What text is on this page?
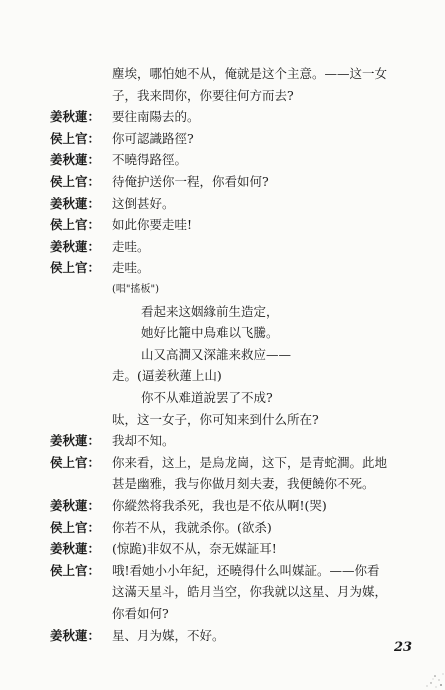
塵埃，哪怕她不从，俺就是这个主意。——这一女
子，我来問你，你要往何方而去?
姜秋蓮： 要往南陽去的。
侯上官： 你可認識路徑?
姜秋蓮： 不曉得路徑。
侯上官： 待俺护送你一程，你看如何?
姜秋蓮： 这倒甚好。
侯上官： 如此你要走哇!
姜秋蓮： 走哇。
侯上官： 走哇。
(唱"搖板")
看起来这姻緣前生造定，
她好比籠中鳥难以飞騰。
山又高澗又深誰来救应——
走。(逼姜秋蓮上山)
你不从难道說罢了不成?
呔，这一女子，你可知来到什么所在?
姜秋蓮： 我却不知。
侯上官： 你来看，这上，是烏龙崗，这下，是青蛇澗。此地
甚是幽雅，我与你做月刻夫妻，我便饒你不死。
姜秋蓮： 你縱然将我杀死，我也是不依从啊!(哭)
侯上官： 你若不从，我就杀你。(欲杀)
姜秋蓮： (惊跪)非奴不从，奈无媒証耳!
侯上官： 哦!看她小小年紀，还曉得什么叫媒証。——你看
这滿天星斗，皓月当空，你我就以这星、月为媒，
你看如何?
姜秋蓮： 星、月为媒，不好。
23
